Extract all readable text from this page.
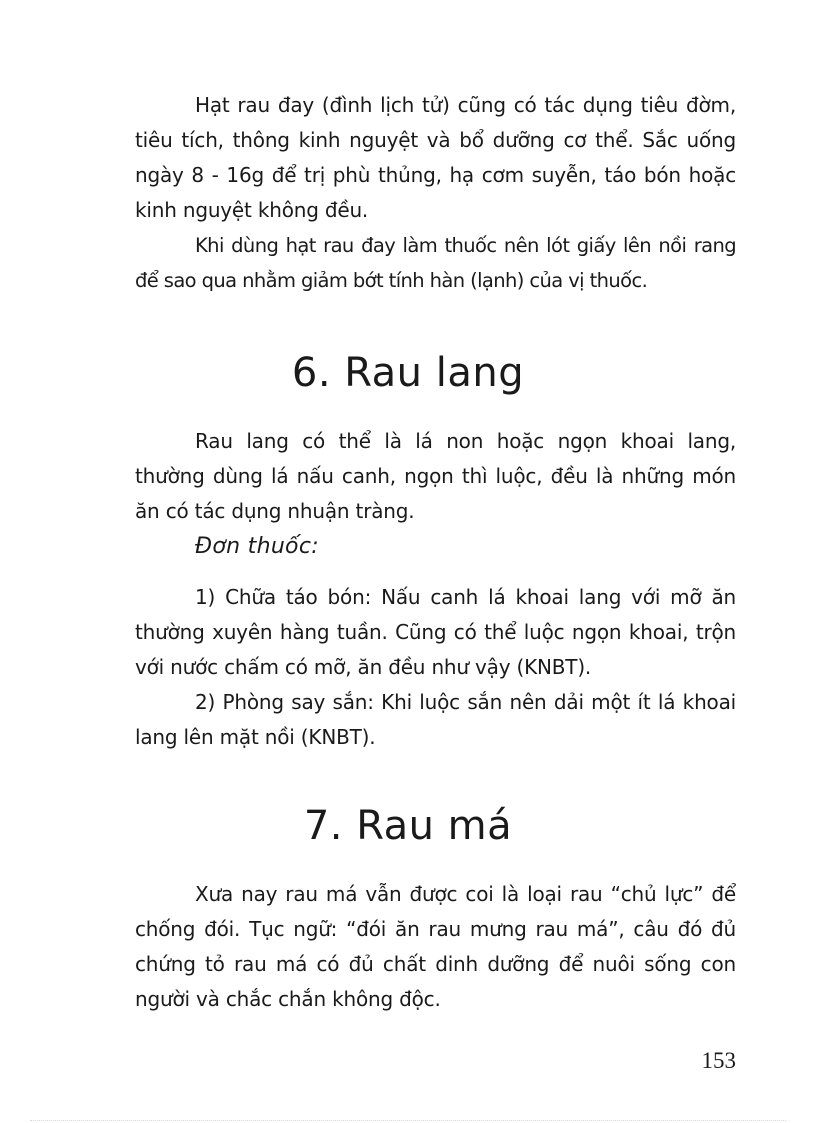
Hạt rau đay (đình lịch tử) cũng có tác dụng tiêu đờm, tiêu tích, thông kinh nguyệt và bổ dưỡng cơ thể. Sắc uống ngày 8 - 16g để trị phù thủng, hạ cơm suyễn, táo bón hoặc kinh nguyệt không đều.

Khi dùng hạt rau đay làm thuốc nên lót giấy lên nồi rang để sao qua nhằm giảm bớt tính hàn (lạnh) của vị thuốc.

6. Rau lang

Rau lang có thể là lá non hoặc ngọn khoai lang, thường dùng lá nấu canh, ngọn thì luộc, đều là những món ăn có tác dụng nhuận tràng.

Đơn thuốc:

1) Chữa táo bón: Nấu canh lá khoai lang với mỡ ăn thường xuyên hàng tuần. Cũng có thể luộc ngọn khoai, trộn với nước chấm có mỡ, ăn đều như vậy (KNBT).

2) Phòng say sắn: Khi luộc sắn nên dải một ít lá khoai lang lên mặt nồi (KNBT).

7. Rau má

Xưa nay rau má vẫn được coi là loại rau “chủ lực” để chống đói. Tục ngữ: “đói ăn rau mưng rau má”, câu đó đủ chứng tỏ rau má có đủ chất dinh dưỡng để nuôi sống con người và chắc chắn không độc.

153
